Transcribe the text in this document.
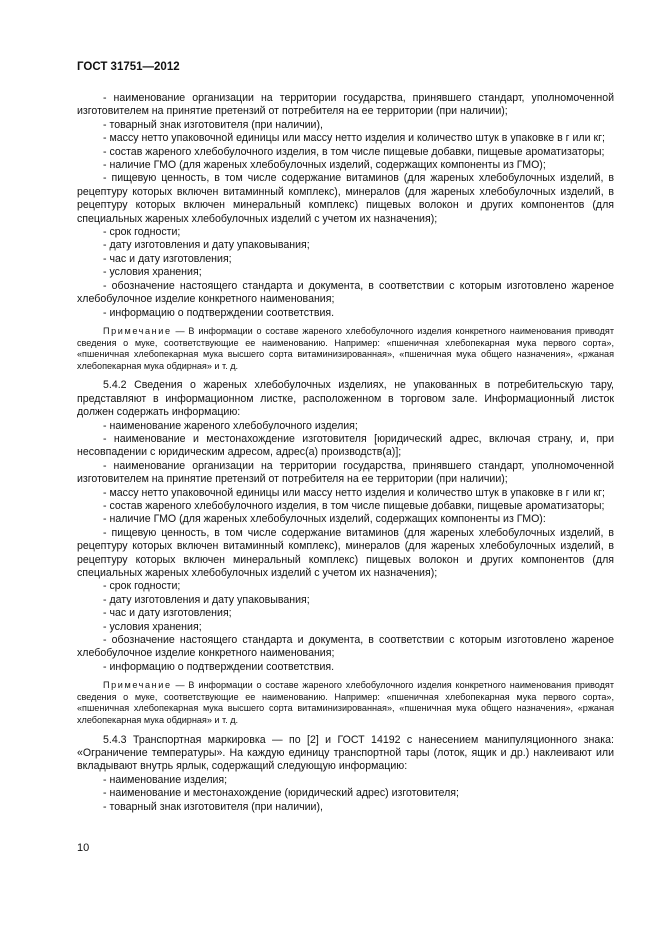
ГОСТ 31751—2012

- наименование организации на территории государства, принявшего стандарт, уполномоченной изготовителем на принятие претензий от потребителя на ее территории (при наличии);

- товарный знак изготовителя (при наличии),

- массу нетто упаковочной единицы или массу нетто изделия и количество штук в упаковке в г или кг;

- состав жареного хлебобулочного изделия, в том числе пищевые добавки, пищевые ароматизаторы;

- наличие ГМО (для жареных хлебобулочных изделий, содержащих компоненты из ГМО);

- пищевую ценность, в том числе содержание витаминов (для жареных хлебобулочных изделий, в рецептуру которых включен витаминный комплекс), минералов (для жареных хлебобулочных изделий, в рецептуру которых включен минеральный комплекс) пищевых волокон и других компонентов (для специальных жареных хлебобулочных изделий с учетом их назначения);

- срок годности;

- дату изготовления и дату упаковывания;

- час и дату изготовления;

- условия хранения;

- обозначение настоящего стандарта и документа, в соответствии с которым изготовлено жареное хлебобулочное изделие конкретного наименования;

- информацию о подтверждении соответствия.

Примечание — В информации о составе жареного хлебобулочного изделия конкретного наименования приводят сведения о муке, соответствующие ее наименованию. Например: «пшеничная хлебопекарная мука первого сорта», «пшеничная хлебопекарная мука высшего сорта витаминизированная», «пшеничная мука общего назначения», «ржаная хлебопекарная мука обдирная» и т. д.

5.4.2 Сведения о жареных хлебобулочных изделиях, не упакованных в потребительскую тару, представляют в информационном листке, расположенном в торговом зале. Информационный листок должен содержать информацию:

- наименование жареного хлебобулочного изделия;

- наименование и местонахождение изготовителя [юридический адрес, включая страну, и, при несовпадении с юридическим адресом, адрес(а) производств(а)];

- наименование организации на территории государства, принявшего стандарт, уполномоченной изготовителем на принятие претензий от потребителя на ее территории (при наличии);

- массу нетто упаковочной единицы или массу нетто изделия и количество штук в упаковке в г или кг;

- состав жареного хлебобулочного изделия, в том числе пищевые добавки, пищевые ароматизаторы;

- наличие ГМО (для жареных хлебобулочных изделий, содержащих компоненты из ГМО):

- пищевую ценность, в том числе содержание витаминов (для жареных хлебобулочных изделий, в рецептуру которых включен витаминный комплекс), минералов (для жареных хлебобулочных изделий, в рецептуру которых включен минеральный комплекс) пищевых волокон и других компонентов (для специальных жареных хлебобулочных изделий с учетом их назначения);

- срок годности;

- дату изготовления и дату упаковывания;

- час и дату изготовления;

- условия хранения;

- обозначение настоящего стандарта и документа, в соответствии с которым изготовлено жареное хлебобулочное изделие конкретного наименования;

- информацию о подтверждении соответствия.

Примечание — В информации о составе жареного хлебобулочного изделия конкретного наименования приводят сведения о муке, соответствующие ее наименованию. Например: «пшеничная хлебопекарная мука первого сорта», «пшеничная хлебопекарная мука высшего сорта витаминизированная», «пшеничная мука общего назначения», «ржаная хлебопекарная мука обдирная» и т. д.

5.4.3 Транспортная маркировка — по [2] и ГОСТ 14192 с нанесением манипуляционного знака: «Ограничение температуры». На каждую единицу транспортной тары (лоток, ящик и др.) наклеивают или вкладывают внутрь ярлык, содержащий следующую информацию:

- наименование изделия;

- наименование и местонахождение (юридический адрес) изготовителя;

- товарный знак изготовителя (при наличии),

10
